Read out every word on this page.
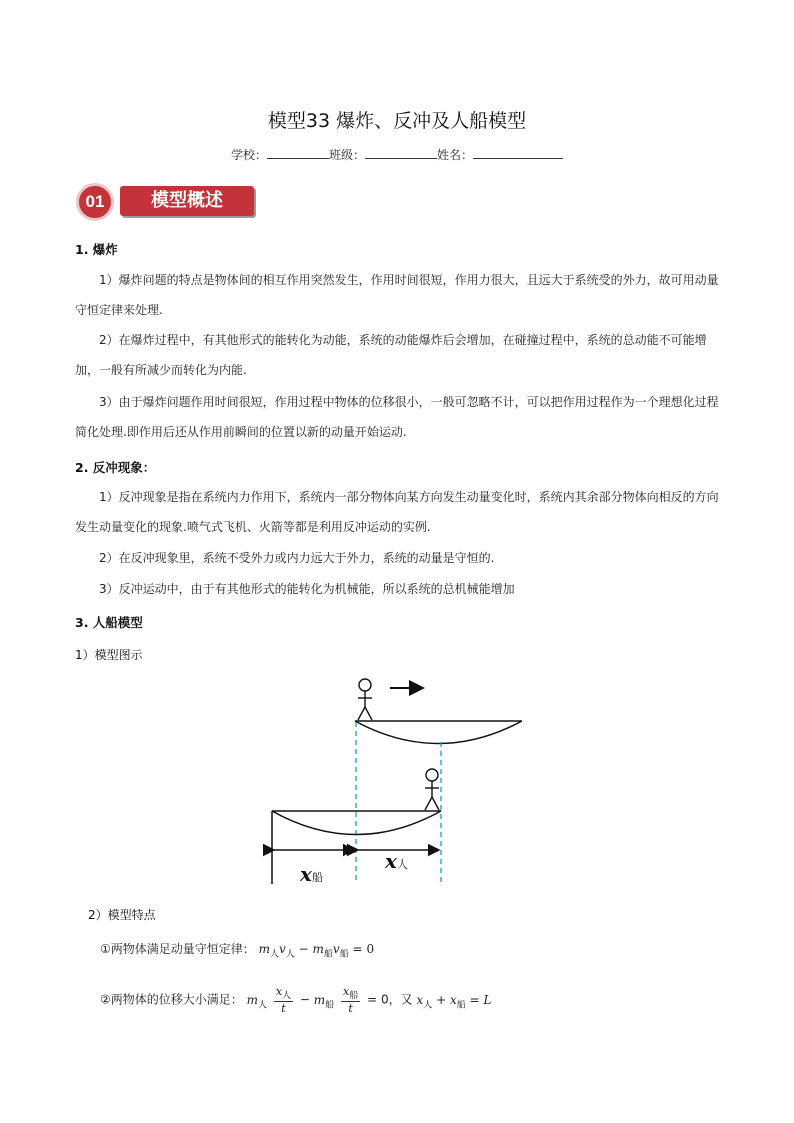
模型33 爆炸、反冲及人船模型
学校：	班级：	姓名：
01	模型概述
1. 爆炸
1）爆炸问题的特点是物体间的相互作用突然发生，作用时间很短，作用力很大，且远大于系统受的外力，故可用动量守恒定律来处理.
2）在爆炸过程中，有其他形式的能转化为动能，系统的动能爆炸后会增加，在碰撞过程中，系统的总动能不可能增加，一般有所减少而转化为内能.
3）由于爆炸问题作用时间很短，作用过程中物体的位移很小，一般可忽略不计，可以把作用过程作为一个理想化过程简化处理.即作用后还从作用前瞬间的位置以新的动量开始运动.
2. 反冲现象：
1）反冲现象是指在系统内力作用下，系统内一部分物体向某方向发生动量变化时，系统内其余部分物体向相反的方向发生动量变化的现象.喷气式飞机、火箭等都是利用反冲运动的实例.
2）在反冲现象里，系统不受外力或内力远大于外力，系统的动量是守恒的.
3）反冲运动中，由于有其他形式的能转化为机械能，所以系统的总机械能增加
3. 人船模型
1）模型图示
x船
x人
2）模型特点
①两物体满足动量守恒定律： $m_人v_人 - m_船v_船 = 0$
②两物体的位移大小满足： $m_人 \frac{x_人}{t} - m_船 \frac{x_船}{t} = 0$，又 $x_人 + x_船 = L$
